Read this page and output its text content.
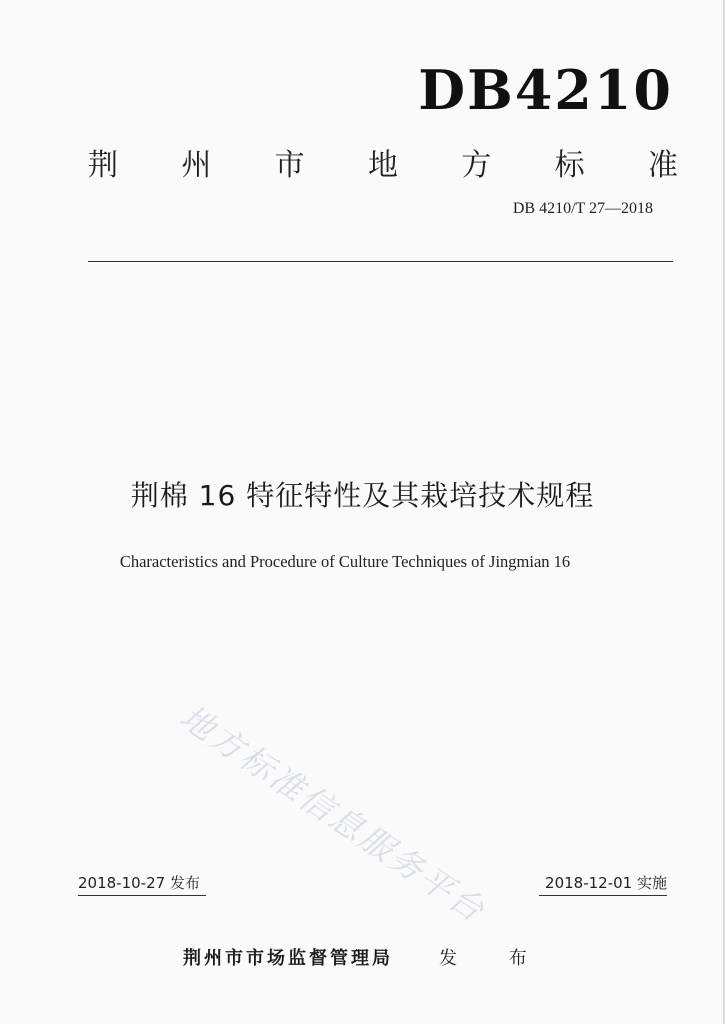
DB4210
荆 州 市 地 方 标 准
DB 4210/T 27—2018
荆棉 16 特征特性及其栽培技术规程
Characteristics and Procedure of Culture Techniques of Jingmian 16
地方标准信息服务平台
2018-10-27 发布	2018-12-01 实施
荆州市市场监督管理局	发 布
